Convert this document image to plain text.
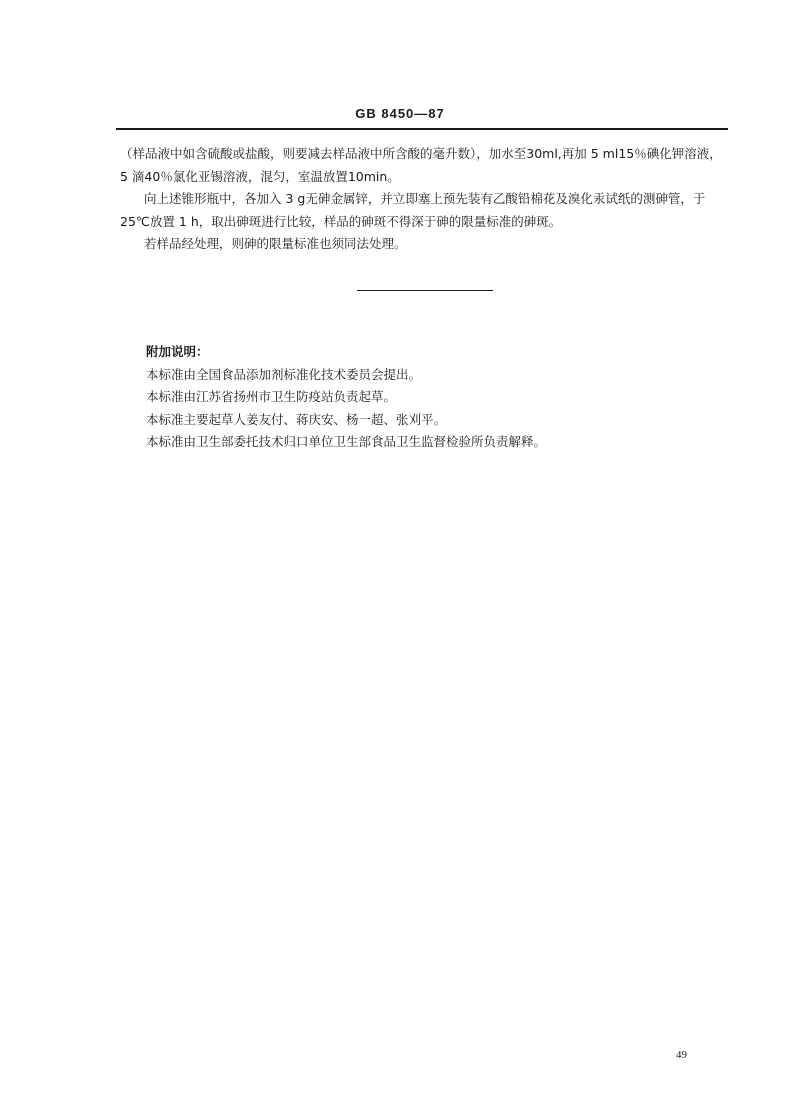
GB 8450—87

（样品液中如含硫酸或盐酸，则要减去样品液中所含酸的毫升数），加水至30ml,再加 5 ml15％碘化钾溶液， 5 滴40％氯化亚锡溶液，混匀，室温放置10min。

向上述锥形瓶中，各加入 3 g无砷金属锌，并立即塞上预先装有乙酸铅棉花及溴化汞试纸的测砷管，于25℃放置 1 h，取出砷斑进行比较，样品的砷斑不得深于砷的限量标准的砷斑。

若样品经处理，则砷的限量标准也须同法处理。

附加说明：

本标准由全国食品添加剂标准化技术委员会提出。

本标准由江苏省扬州市卫生防疫站负责起草。

本标准主要起草人姜友付、蒋庆安、杨一超、张刈平。

本标准由卫生部委托技术归口单位卫生部食品卫生监督检验所负责解释。

49
